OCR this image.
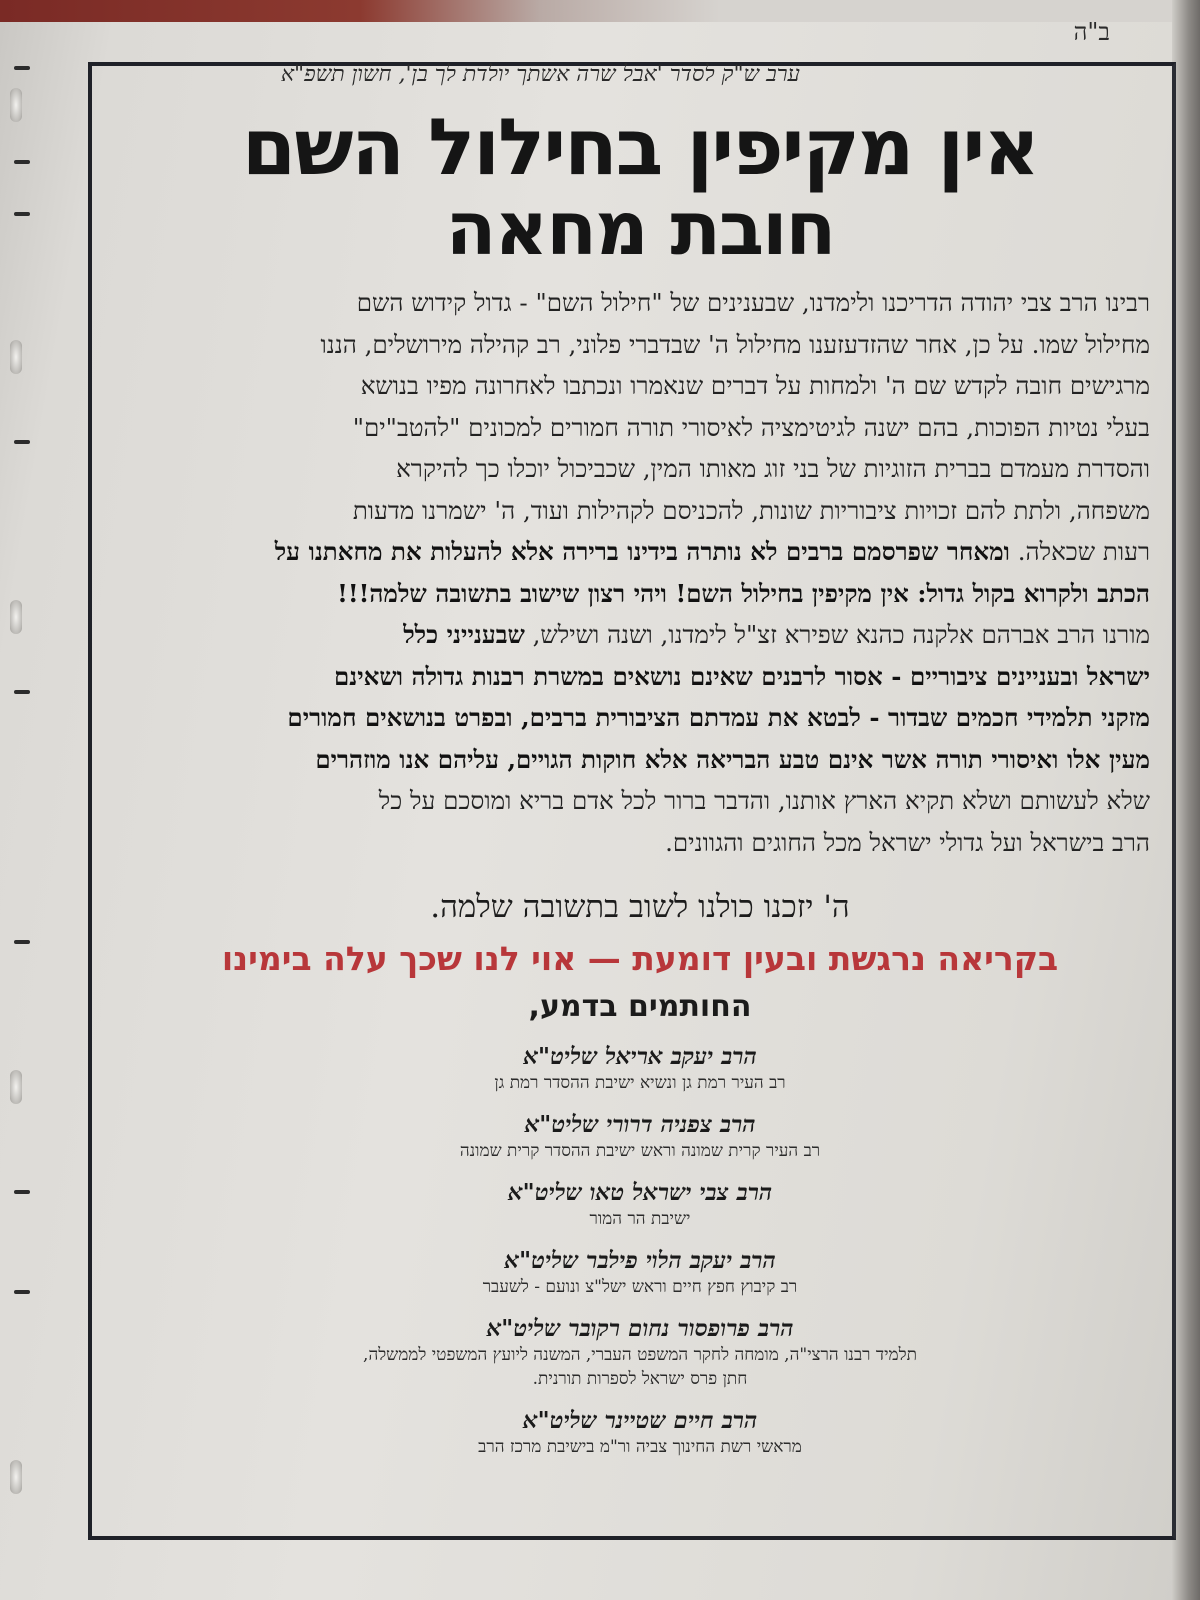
ב"ה
ערב ש"ק לסדר 'אבל שרה אשתך יולדת לך בן', חשון תשפ"א
אין מקיפין בחילול השם
חובת מחאה
רבינו הרב צבי יהודה הדריכנו ולימדנו, שבענינים של "חילול השם" - גדול קידוש השם
מחילול שמו. על כן, אחר שהזדעזענו מחילול ה' שבדברי פלוני, רב קהילה מירושלים, הננו
מרגישים חובה לקדש שם ה' ולמחות על דברים שנאמרו ונכתבו לאחרונה מפיו בנושא
בעלי נטיות הפוכות, בהם ישנה לגיטימציה לאיסורי תורה חמורים למכונים "להטב"ים"
והסדרת מעמדם בברית הזוגיות של בני זוג מאותו המין, שכביכול יוכלו כך להיקרא
משפחה, ולתת להם זכויות ציבוריות שונות, להכניסם לקהילות ועוד, ה' ישמרנו מדעות
רעות שכאלה. ומאחר שפרסמם ברבים לא נותרה בידינו ברירה אלא להעלות את מחאתנו על
הכתב ולקרוא בקול גדול: אין מקיפין בחילול השם! ויהי רצון שישוב בתשובה שלמה!!!
מורנו הרב אברהם אלקנה כהנא שפירא זצ"ל לימדנו, ושנה ושילש, שבענייני כלל
ישראל ובעניינים ציבוריים - אסור לרבנים שאינם נושאים במשרת רבנות גדולה ושאינם
מזקני תלמידי חכמים שבדור - לבטא את עמדתם הציבורית ברבים, ובפרט בנושאים חמורים
מעין אלו ואיסורי תורה אשר אינם טבע הבריאה אלא חוקות הגויים, עליהם אנו מוזהרים
שלא לעשותם ושלא תקיא הארץ אותנו, והדבר ברור לכל אדם בריא ומוסכם על כל
הרב בישראל ועל גדולי ישראל מכל החוגים והגוונים.
ה' יזכנו כולנו לשוב בתשובה שלמה.
בקריאה נרגשת ובעין דומעת — אוי לנו שכך עלה בימינו
החותמים בדמע,
הרב יעקב אריאל שליט"א
רב העיר רמת גן ונשיא ישיבת ההסדר רמת גן
הרב צפניה דרורי שליט"א
רב העיר קרית שמונה וראש ישיבת ההסדר קרית שמונה
הרב צבי ישראל טאו שליט"א
ישיבת הר המור
הרב יעקב הלוי פילבר שליט"א
רב קיבוץ חפץ חיים וראש ישל"צ ונועם - לשעבר
הרב פרופסור נחום רקובר שליט"א
תלמיד רבנו הרצי"ה, מומחה לחקר המשפט העברי, המשנה ליועץ המשפטי לממשלה,
חתן פרס ישראל לספרות תורנית.
הרב חיים שטיינר שליט"א
מראשי רשת החינוך צביה ור"מ בישיבת מרכז הרב
